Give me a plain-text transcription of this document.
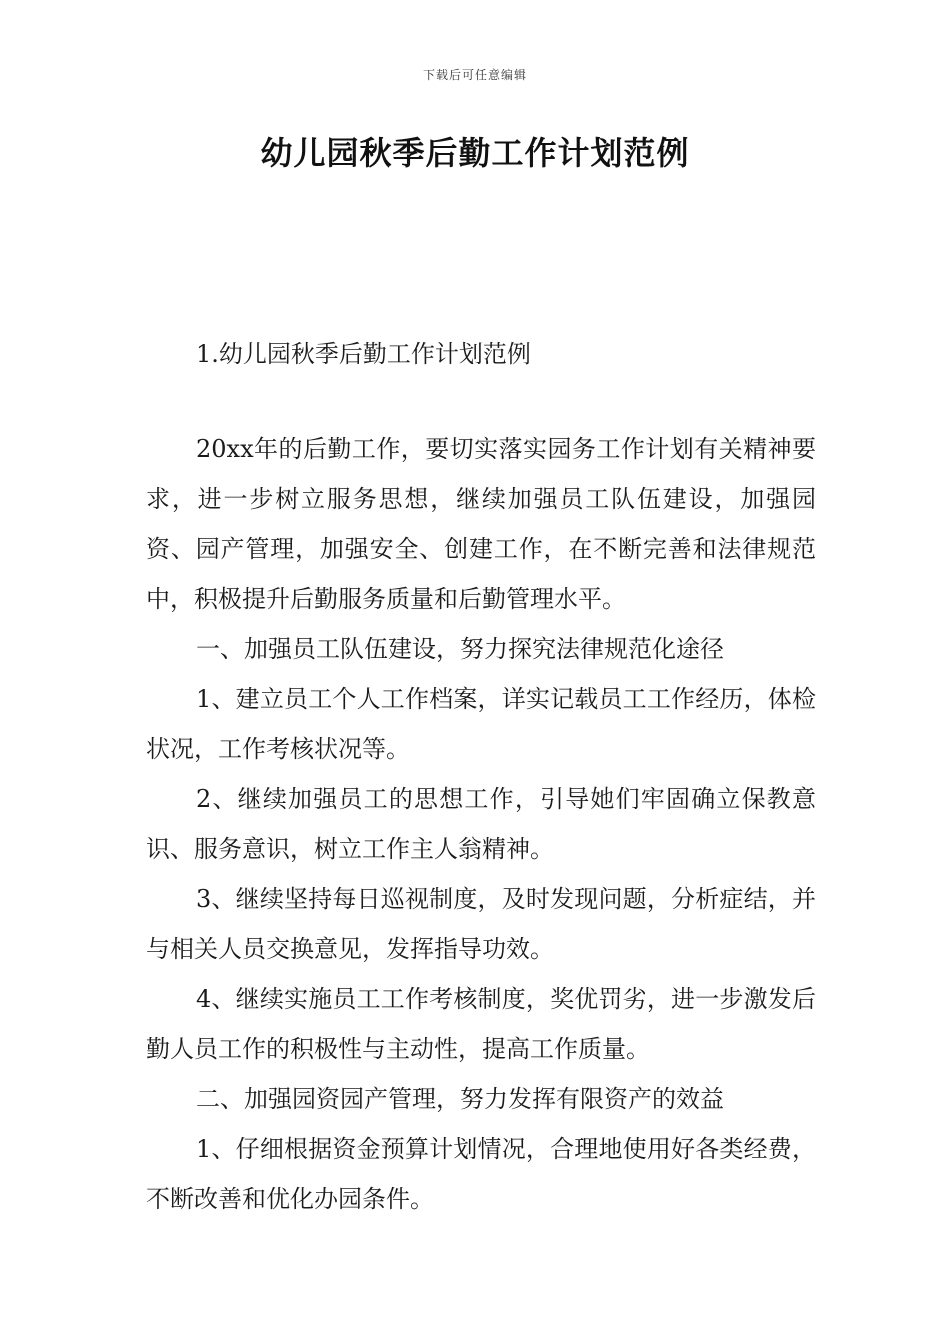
下载后可任意编辑
幼儿园秋季后勤工作计划范例
1.幼儿园秋季后勤工作计划范例

20xx年的后勤工作，要切实落实园务工作计划有关精神要求，进一步树立服务思想，继续加强员工队伍建设，加强园资、园产管理，加强安全、创建工作，在不断完善和法律规范中，积极提升后勤服务质量和后勤管理水平。

一、加强员工队伍建设，努力探究法律规范化途径

1、建立员工个人工作档案，详实记载员工工作经历，体检状况，工作考核状况等。

2、继续加强员工的思想工作，引导她们牢固确立保教意识、服务意识，树立工作主人翁精神。

3、继续坚持每日巡视制度，及时发现问题，分析症结，并与相关人员交换意见，发挥指导功效。

4、继续实施员工工作考核制度，奖优罚劣，进一步激发后勤人员工作的积极性与主动性，提高工作质量。

二、加强园资园产管理，努力发挥有限资产的效益

1、仔细根据资金预算计划情况，合理地使用好各类经费，不断改善和优化办园条件。
